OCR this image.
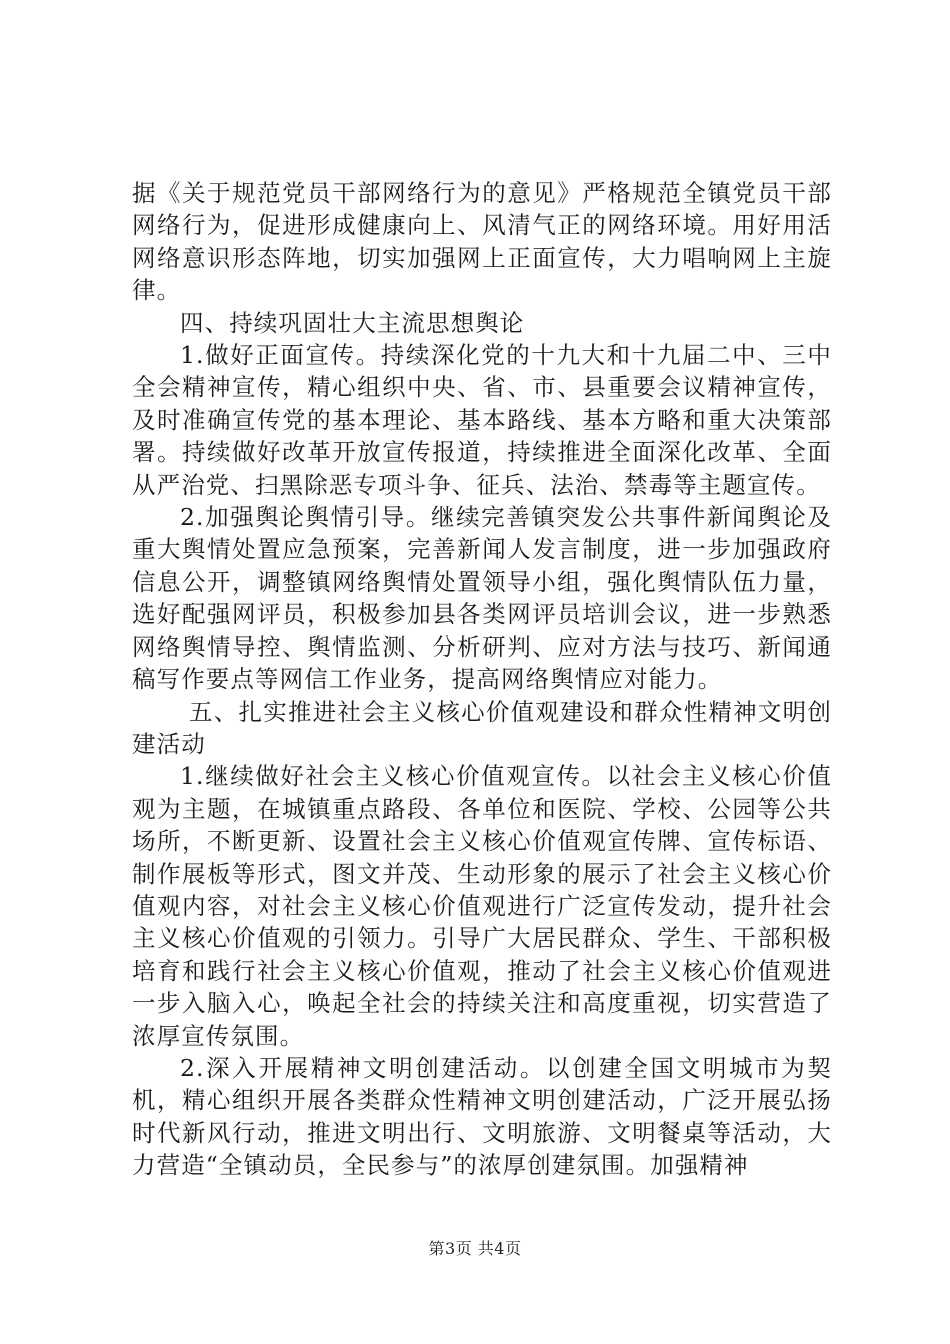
据《关于规范党员干部网络行为的意见》严格规范全镇党员干部网络行为，促进形成健康向上、风清气正的网络环境。用好用活网络意识形态阵地，切实加强网上正面宣传，大力唱响网上主旋律。

四、持续巩固壮大主流思想舆论

1.做好正面宣传。持续深化党的十九大和十九届二中、三中全会精神宣传，精心组织中央、省、市、县重要会议精神宣传，及时准确宣传党的基本理论、基本路线、基本方略和重大决策部署。持续做好改革开放宣传报道，持续推进全面深化改革、全面从严治党、扫黑除恶专项斗争、征兵、法治、禁毒等主题宣传。

2.加强舆论舆情引导。继续完善镇突发公共事件新闻舆论及重大舆情处置应急预案，完善新闻人发言制度，进一步加强政府信息公开，调整镇网络舆情处置领导小组，强化舆情队伍力量，选好配强网评员，积极参加县各类网评员培训会议，进一步熟悉网络舆情导控、舆情监测、分析研判、应对方法与技巧、新闻通稿写作要点等网信工作业务，提高网络舆情应对能力。

五、扎实推进社会主义核心价值观建设和群众性精神文明创建活动

1.继续做好社会主义核心价值观宣传。以社会主义核心价值观为主题，在城镇重点路段、各单位和医院、学校、公园等公共场所，不断更新、设置社会主义核心价值观宣传牌、宣传标语、制作展板等形式，图文并茂、生动形象的展示了社会主义核心价值观内容，对社会主义核心价值观进行广泛宣传发动，提升社会主义核心价值观的引领力。引导广大居民群众、学生、干部积极培育和践行社会主义核心价值观，推动了社会主义核心价值观进一步入脑入心，唤起全社会的持续关注和高度重视，切实营造了浓厚宣传氛围。

2.深入开展精神文明创建活动。以创建全国文明城市为契机，精心组织开展各类群众性精神文明创建活动，广泛开展弘扬时代新风行动，推进文明出行、文明旅游、文明餐桌等活动，大力营造“全镇动员，全民参与”的浓厚创建氛围。加强精神

第3页 共4页
